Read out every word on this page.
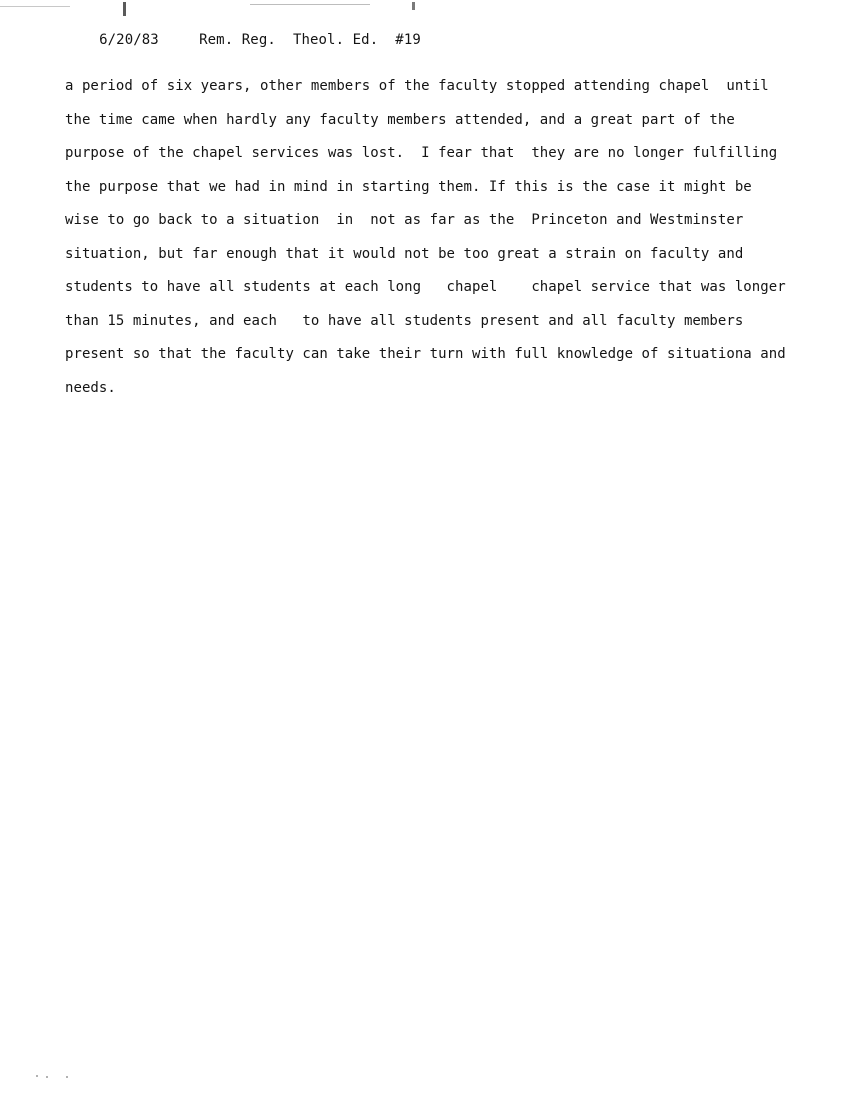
6/20/83	Rem. Reg.  Theol. Ed.  #19

a period of six years, other members of the faculty stopped attending chapel  until
the time came when hardly any faculty members attended, and a great part of the
purpose of the chapel services was lost.  I fear that  they are no longer fulfilling
the purpose that we had in mind in starting them. If this is the case it might be
wise to go back to a situation  in  not as far as the  Princeton and Westminster
situation, but far enough that it would not be too great a strain on faculty and
students to have all students at each long   chapel    chapel service that was longer
than 15 minutes, and each   to have all students present and all faculty members
present so that the faculty can take their turn with full knowledge of situationa and
needs.
